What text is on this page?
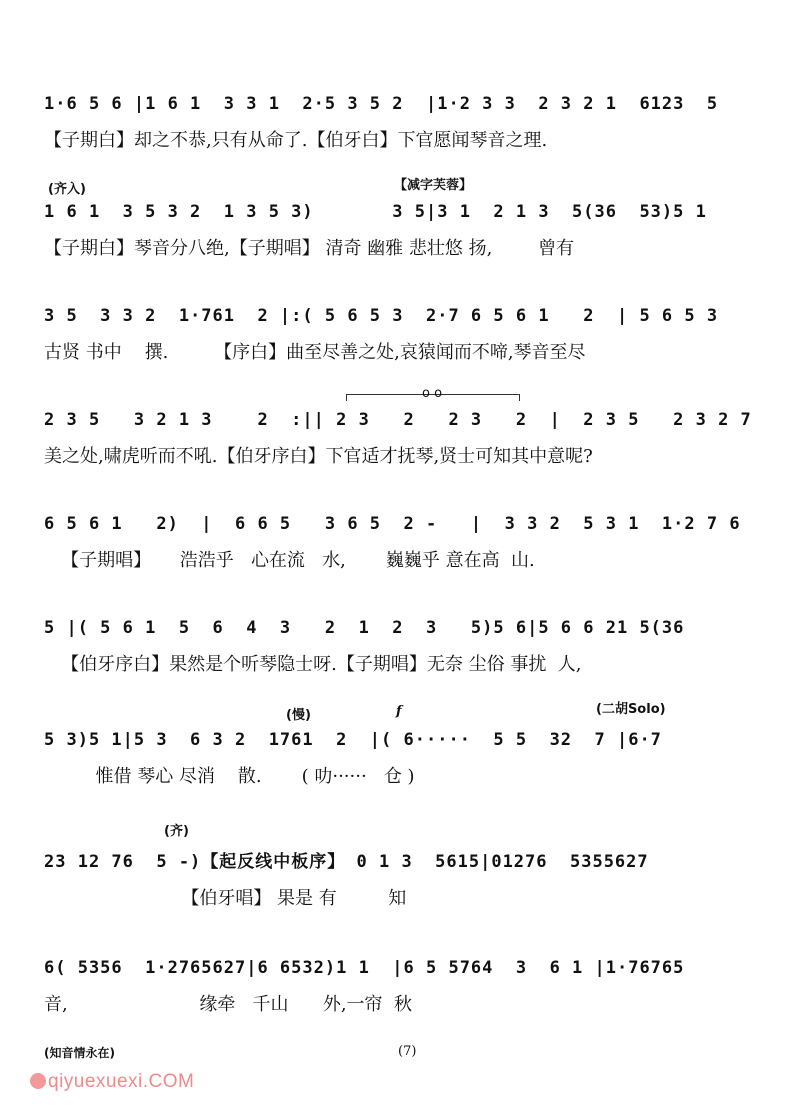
1·6 5 6 |1 6 1  3 3 1  2·5 3 5 2  |1·2 3 3  2 3 2 1  6123  5
【子期白】却之不恭,只有从命了.【伯牙白】下官愿闻琴音之理.
(齐入)	【减字芙蓉】
1 6 1  3 5 3 2  1 3 5 3)       3 5|3 1  2 1 3  5(36  53)5 1
【子期白】琴音分八绝,【子期唱】 清奇 幽雅 悲壮悠 扬,        曾有
3 5  3 3 2  1·761  2 |:( 5 6 5 3  2·7 6 5 6 1   2  | 5 6 5 3
古贤 书中    撰.        【序白】曲至尽善之处,哀猿闻而不啼,琴音至尽
o o
2 3 5   3 2 1 3    2  :|| 2 3   2   2 3   2  |  2 3 5   2 3 2 7
美之处,啸虎听而不吼.【伯牙序白】下官适才抚琴,贤士可知其中意呢?
6 5 6 1   2)  |  6 6 5   3 6 5  2 -   |  3 3 2  5 3 1  1·2 7 6
【子期唱】     浩浩乎   心在流   水,       巍巍乎 意在高  山.
5 |( 5 6 1  5  6  4  3   2  1  2  3   5)5 6|5 6 6 21 5(36
【伯牙序白】果然是个听琴隐士呀.【子期唱】无奈 尘俗 事扰  人,
(慢)	f	(二胡Solo)
5 3)5 1|5 3  6 3 2  1761  2  |( 6·····  5 5  32  7 |6·7
惟借 琴心 尽消    散.       ( 叻······   仓 )
(齐)
23 12 76  5 -)【起反线中板序】 0 1 3  5615|01276  5355627
【伯牙唱】 果是 有         知
6( 5356  1·2765627|6 6532)1 1  |6 5 5764  3  6 1 |1·76765
音,                       缘牵   千山      外,一帘  秋
(知音情永在)	(7)
qiyuexuexi.COM
